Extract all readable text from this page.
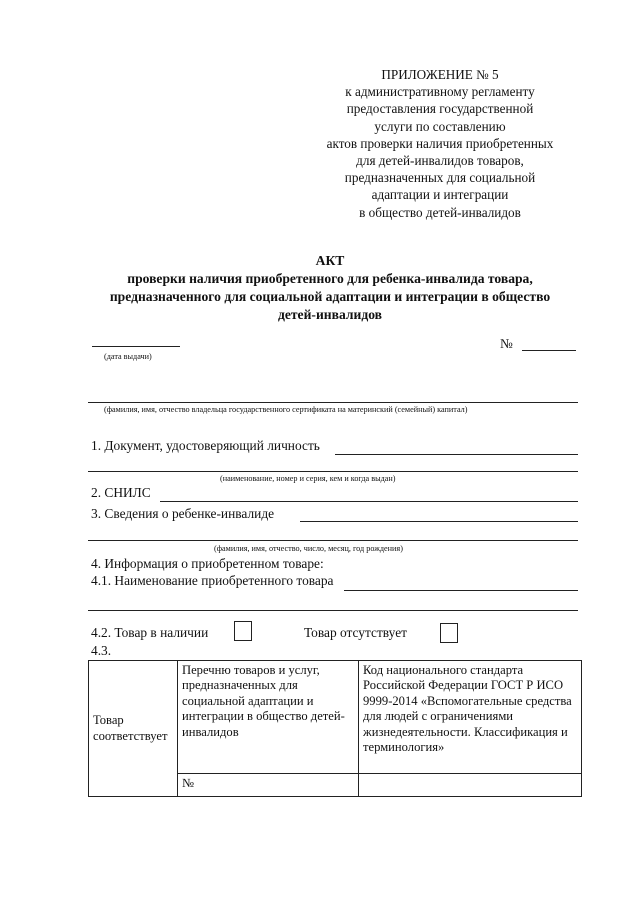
ПРИЛОЖЕНИЕ № 5
к административному регламенту
предоставления государственной
услуги по составлению
актов проверки наличия приобретенных
для детей-инвалидов товаров,
предназначенных для социальной
адаптации и интеграции
в общество детей-инвалидов
АКТ
проверки наличия приобретенного для ребенка-инвалида товара,
предназначенного для социальной адаптации и интеграции в общество
детей-инвалидов
(дата выдачи)
№
(фамилия, имя, отчество владельца государственного сертификата на материнский (семейный) капитал)
1. Документ, удостоверяющий личность
(наименование, номер и серия, кем и когда выдан)
2. СНИЛС
3. Сведения о ребенке-инвалиде
(фамилия, имя, отчество, число, месяц, год рождения)
4. Информация о приобретенном товаре:
4.1. Наименование приобретенного товара
4.2. Товар в наличии	Товар отсутствует
4.3.
Товар соответствует	Перечню товаров и услуг, предназначенных для социальной адаптации и интеграции в общество детей-инвалидов	Код национального стандарта Российской Федерации ГОСТ Р ИСО 9999-2014 «Вспомогательные средства для людей с ограничениями жизнедеятельности. Классификация и терминология»
	№	
